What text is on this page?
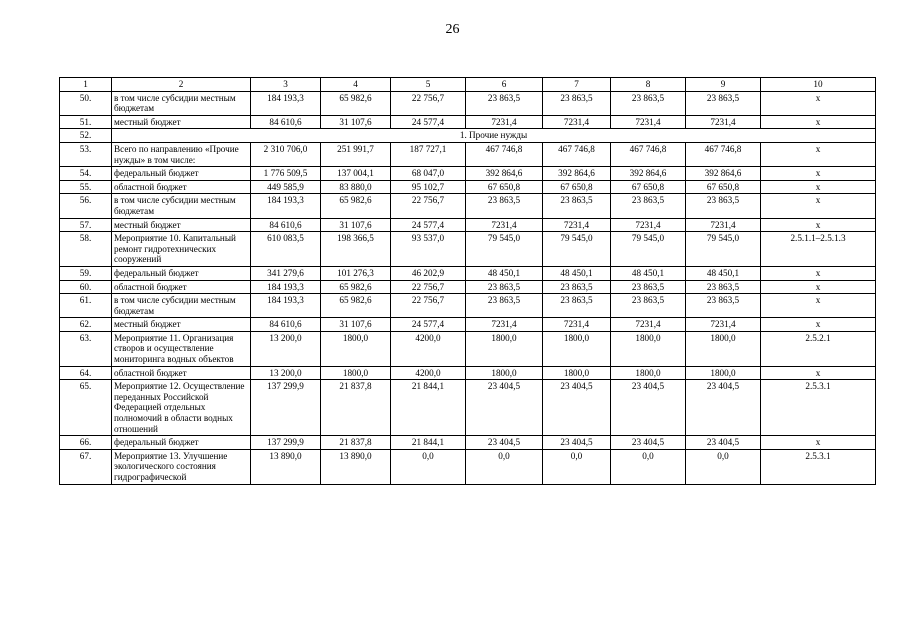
26
1	2	3	4	5	6	7	8	9	10
50.	в том числе субсидии местным бюджетам	184 193,3	65 982,6	22 756,7	23 863,5	23 863,5	23 863,5	23 863,5	х
51.	местный бюджет	84 610,6	31 107,6	24 577,4	7231,4	7231,4	7231,4	7231,4	х
52.	1. Прочие нужды								
53.	Всего по направлению «Прочие нужды» в том числе:	2 310 706,0	251 991,7	187 727,1	467 746,8	467 746,8	467 746,8	467 746,8	х
54.	федеральный бюджет	1 776 509,5	137 004,1	68 047,0	392 864,6	392 864,6	392 864,6	392 864,6	х
55.	областной бюджет	449 585,9	83 880,0	95 102,7	67 650,8	67 650,8	67 650,8	67 650,8	х
56.	в том числе субсидии местным бюджетам	184 193,3	65 982,6	22 756,7	23 863,5	23 863,5	23 863,5	23 863,5	х
57.	местный бюджет	84 610,6	31 107,6	24 577,4	7231,4	7231,4	7231,4	7231,4	х
58.	Мероприятие 10. Капитальный ремонт гидротехнических сооружений	610 083,5	198 366,5	93 537,0	79 545,0	79 545,0	79 545,0	79 545,0	2.5.1.1–2.5.1.3
59.	федеральный бюджет	341 279,6	101 276,3	46 202,9	48 450,1	48 450,1	48 450,1	48 450,1	х
60.	областной бюджет	184 193,3	65 982,6	22 756,7	23 863,5	23 863,5	23 863,5	23 863,5	х
61.	в том числе субсидии местным бюджетам	184 193,3	65 982,6	22 756,7	23 863,5	23 863,5	23 863,5	23 863,5	х
62.	местный бюджет	84 610,6	31 107,6	24 577,4	7231,4	7231,4	7231,4	7231,4	х
63.	Мероприятие 11. Организация створов и осуществление мониторинга водных объектов	13 200,0	1800,0	4200,0	1800,0	1800,0	1800,0	1800,0	2.5.2.1
64.	областной бюджет	13 200,0	1800,0	4200,0	1800,0	1800,0	1800,0	1800,0	х
65.	Мероприятие 12. Осуществление переданных Российской Федерацией отдельных полномочий в области водных отношений	137 299,9	21 837,8	21 844,1	23 404,5	23 404,5	23 404,5	23 404,5	2.5.3.1
66.	федеральный бюджет	137 299,9	21 837,8	21 844,1	23 404,5	23 404,5	23 404,5	23 404,5	х
67.	Мероприятие 13. Улучшение экологического состояния гидрографической	13 890,0	13 890,0	0,0	0,0	0,0	0,0	0,0	2.5.3.1
